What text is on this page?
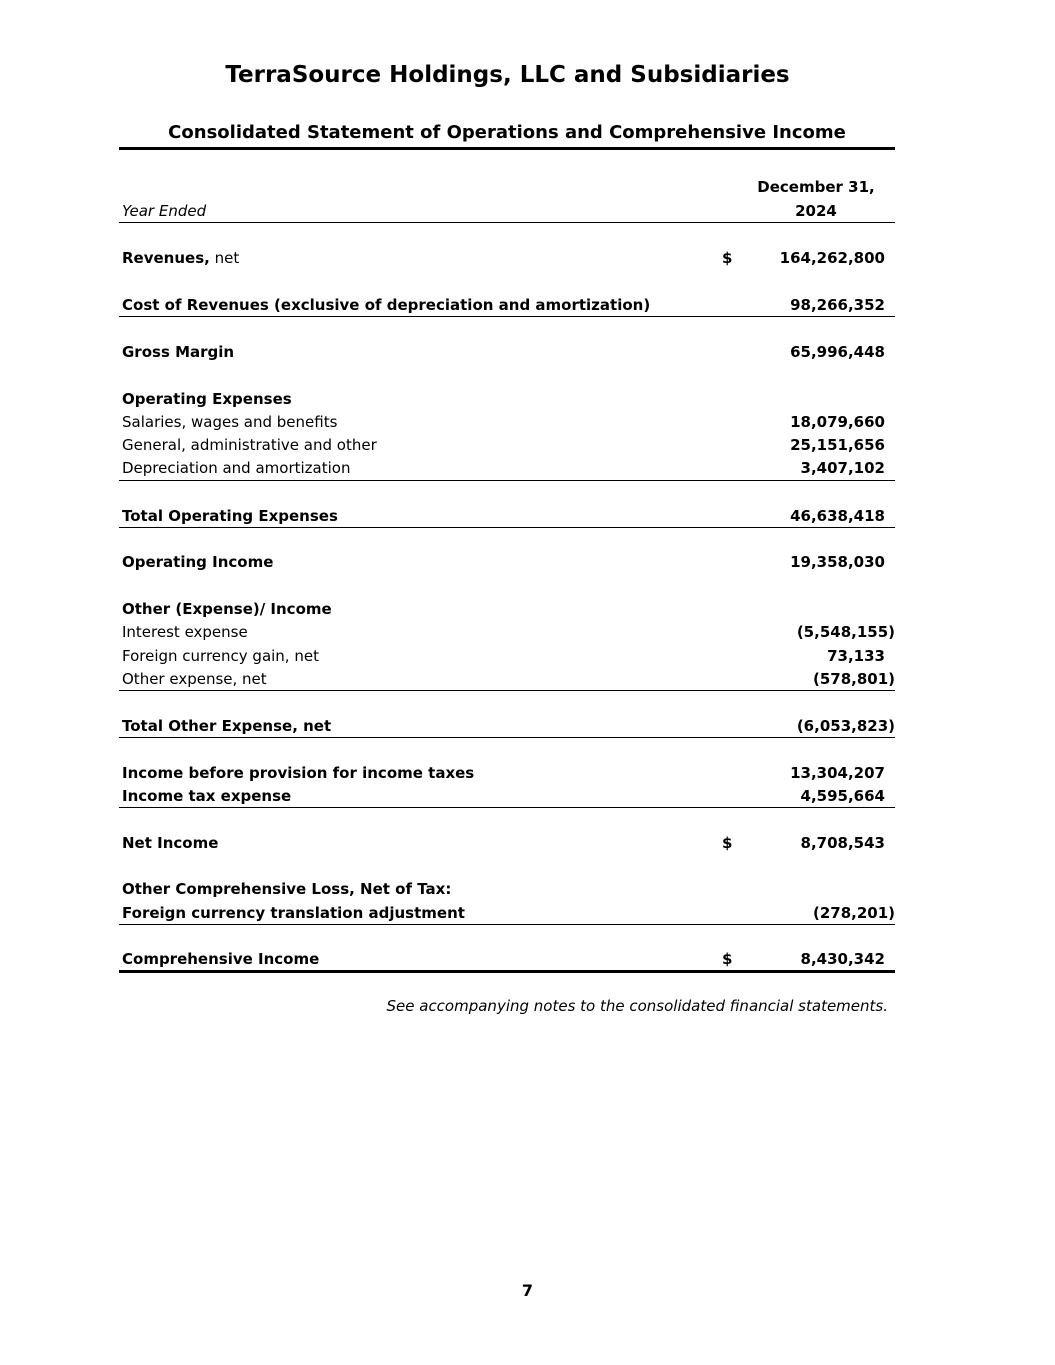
TerraSource Holdings, LLC and Subsidiaries
Consolidated Statement of Operations and Comprehensive Income
December 31,
2024
Year Ended
Revenues, net	$	164,262,800
Cost of Revenues (exclusive of depreciation and amortization)	98,266,352
Gross Margin	65,996,448
Operating Expenses
Salaries, wages and benefits	18,079,660
General, administrative and other	25,151,656
Depreciation and amortization	3,407,102
Total Operating Expenses	46,638,418
Operating Income	19,358,030
Other (Expense)/ Income
Interest expense	(5,548,155)
Foreign currency gain, net	73,133
Other expense, net	(578,801)
Total Other Expense, net	(6,053,823)
Income before provision for income taxes	13,304,207
Income tax expense	4,595,664
Net Income	$	8,708,543
Other Comprehensive Loss, Net of Tax:
Foreign currency translation adjustment	(278,201)
Comprehensive Income	$	8,430,342
See accompanying notes to the consolidated financial statements.
7
